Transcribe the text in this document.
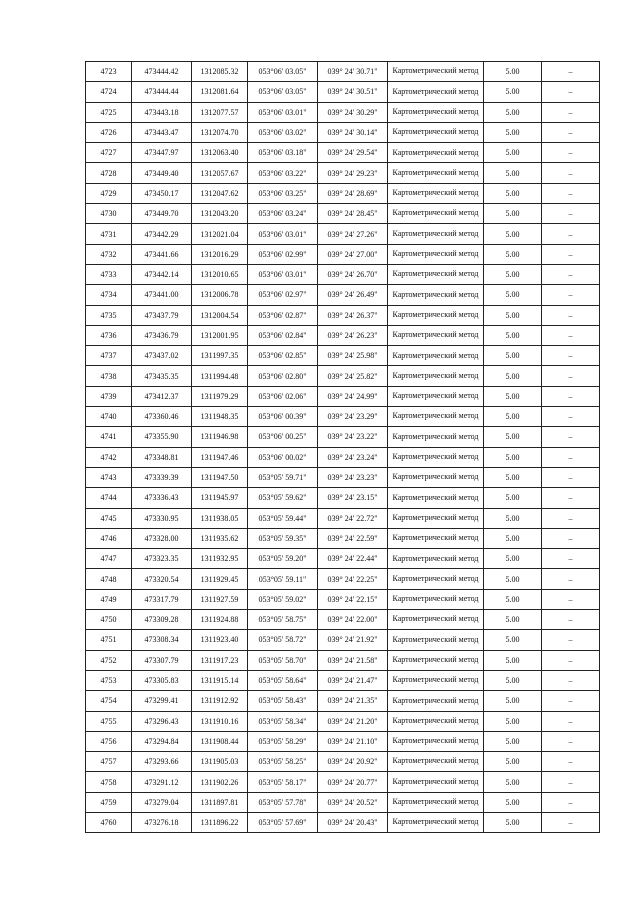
4723	473444.42	1312085.32	053°06' 03.05"	039° 24' 30.71"	Картометрический метод	5.00	–
4724	473444.44	1312081.64	053°06' 03.05"	039° 24' 30.51"	Картометрический метод	5.00	–
4725	473443.18	1312077.57	053°06' 03.01"	039° 24' 30.29"	Картометрический метод	5.00	–
4726	473443.47	1312074.70	053°06' 03.02"	039° 24' 30.14"	Картометрический метод	5.00	–
4727	473447.97	1312063.40	053°06' 03.18"	039° 24' 29.54"	Картометрический метод	5.00	–
4728	473449.40	1312057.67	053°06' 03.22"	039° 24' 29.23"	Картометрический метод	5.00	–
4729	473450.17	1312047.62	053°06' 03.25"	039° 24' 28.69"	Картометрический метод	5.00	–
4730	473449.70	1312043.20	053°06' 03.24"	039° 24' 28.45"	Картометрический метод	5.00	–
4731	473442.29	1312021.04	053°06' 03.01"	039° 24' 27.26"	Картометрический метод	5.00	–
4732	473441.66	1312016.29	053°06' 02.99"	039° 24' 27.00"	Картометрический метод	5.00	–
4733	473442.14	1312010.65	053°06' 03.01"	039° 24' 26.70"	Картометрический метод	5.00	–
4734	473441.00	1312006.78	053°06' 02.97"	039° 24' 26.49"	Картометрический метод	5.00	–
4735	473437.79	1312004.54	053°06' 02.87"	039° 24' 26.37"	Картометрический метод	5.00	–
4736	473436.79	1312001.95	053°06' 02.84"	039° 24' 26.23"	Картометрический метод	5.00	–
4737	473437.02	1311997.35	053°06' 02.85"	039° 24' 25.98"	Картометрический метод	5.00	–
4738	473435.35	1311994.48	053°06' 02.80"	039° 24' 25.82"	Картометрический метод	5.00	–
4739	473412.37	1311979.29	053°06' 02.06"	039° 24' 24.99"	Картометрический метод	5.00	–
4740	473360.46	1311948.35	053°06' 00.39"	039° 24' 23.29"	Картометрический метод	5.00	–
4741	473355.90	1311946.98	053°06' 00.25"	039° 24' 23.22"	Картометрический метод	5.00	–
4742	473348.81	1311947.46	053°06' 00.02"	039° 24' 23.24"	Картометрический метод	5.00	–
4743	473339.39	1311947.50	053°05' 59.71"	039° 24' 23.23"	Картометрический метод	5.00	–
4744	473336.43	1311945.97	053°05' 59.62"	039° 24' 23.15"	Картометрический метод	5.00	–
4745	473330.95	1311938.05	053°05' 59.44"	039° 24' 22.72"	Картометрический метод	5.00	–
4746	473328.00	1311935.62	053°05' 59.35"	039° 24' 22.59"	Картометрический метод	5.00	–
4747	473323.35	1311932.95	053°05' 59.20"	039° 24' 22.44"	Картометрический метод	5.00	–
4748	473320.54	1311929.45	053°05' 59.11"	039° 24' 22.25"	Картометрический метод	5.00	–
4749	473317.79	1311927.59	053°05' 59.02"	039° 24' 22.15"	Картометрический метод	5.00	–
4750	473309.28	1311924.88	053°05' 58.75"	039° 24' 22.00"	Картометрический метод	5.00	–
4751	473308.34	1311923.40	053°05' 58.72"	039° 24' 21.92"	Картометрический метод	5.00	–
4752	473307.79	1311917.23	053°05' 58.70"	039° 24' 21.58"	Картометрический метод	5.00	–
4753	473305.83	1311915.14	053°05' 58.64"	039° 24' 21.47"	Картометрический метод	5.00	–
4754	473299.41	1311912.92	053°05' 58.43"	039° 24' 21.35"	Картометрический метод	5.00	–
4755	473296.43	1311910.16	053°05' 58.34"	039° 24' 21.20"	Картометрический метод	5.00	–
4756	473294.84	1311908.44	053°05' 58.29"	039° 24' 21.10"	Картометрический метод	5.00	–
4757	473293.66	1311905.03	053°05' 58.25"	039° 24' 20.92"	Картометрический метод	5.00	–
4758	473291.12	1311902.26	053°05' 58.17"	039° 24' 20.77"	Картометрический метод	5.00	–
4759	473279.04	1311897.81	053°05' 57.78"	039° 24' 20.52"	Картометрический метод	5.00	–
4760	473276.18	1311896.22	053°05' 57.69"	039° 24' 20.43"	Картометрический метод	5.00	–
